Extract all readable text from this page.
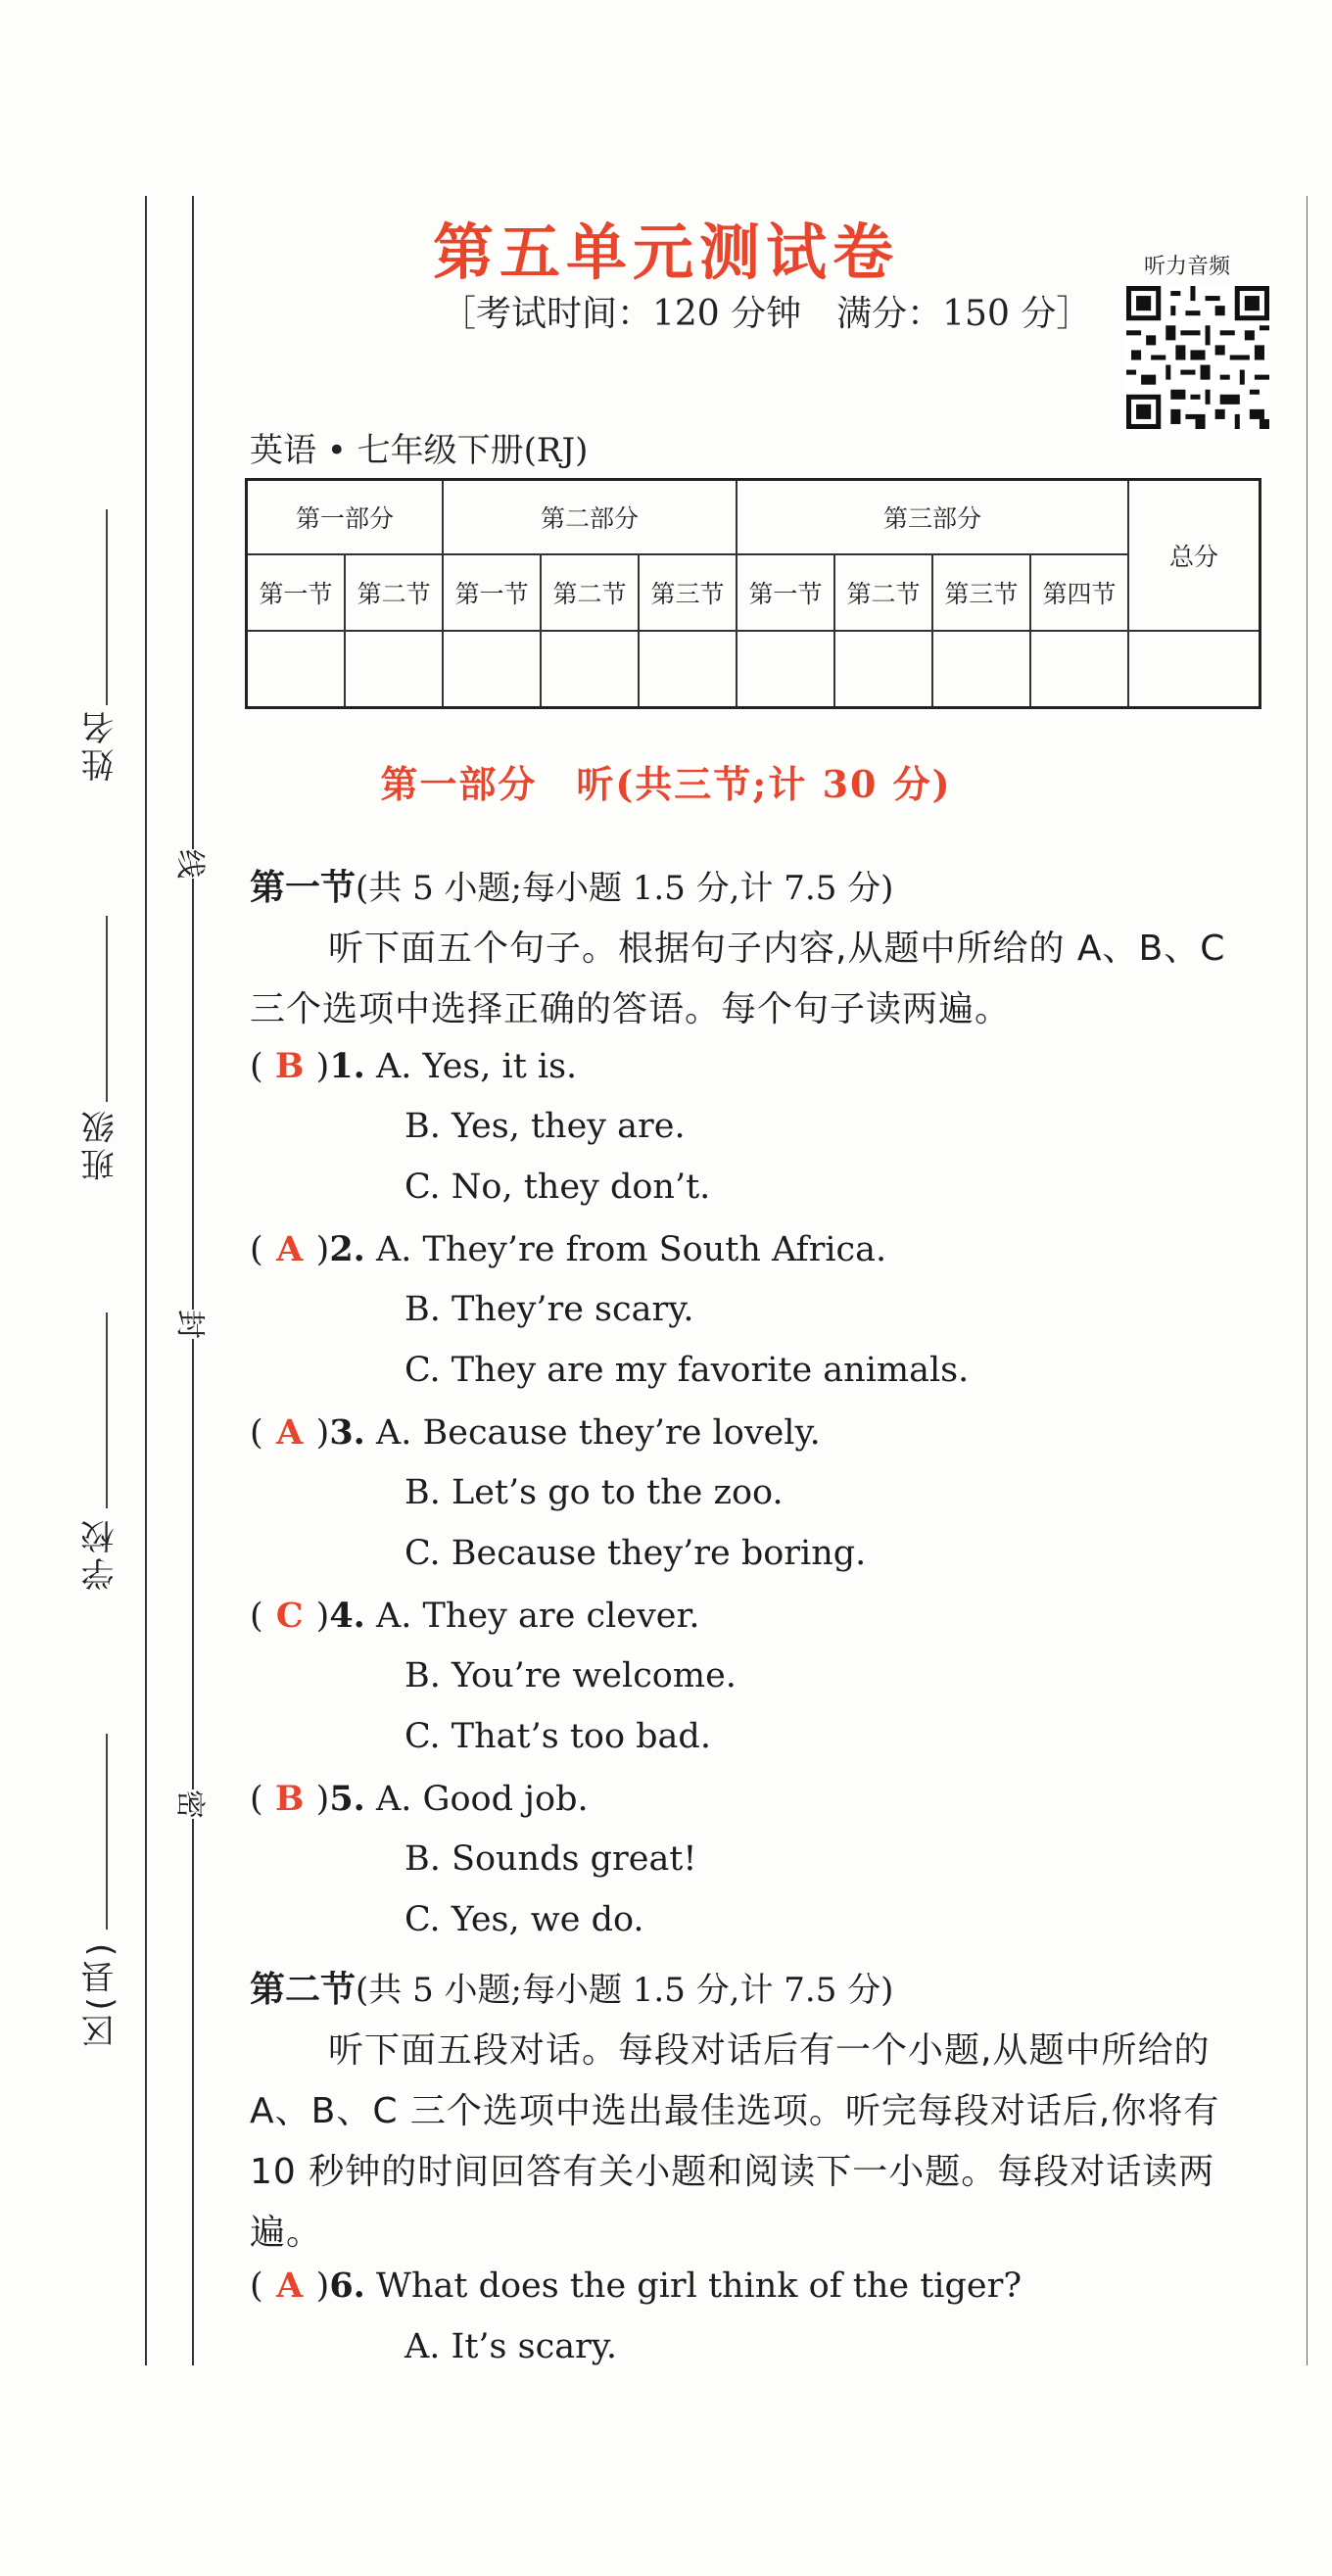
姓名
班级
学校
区(县)
线
封
密
第五单元测试卷
［考试时间：120 分钟　满分：150 分］
听力音频
英语 • 七年级下册(RJ)
第一部分		第二部分			第三部分				总分
第一节	第二节	第一节	第二节	第三节	第一节	第二节	第三节	第四节	

第一部分　听(共三节;计 30 分)
第一节(共 5 小题;每小题 1.5 分,计 7.5 分)
听下面五个句子。根据句子内容,从题中所给的 A、B、C 三个选项中选择正确的答语。每个句子读两遍。
( B )1. A. Yes, it is.
B. Yes, they are.
C. No, they don’t.
( A )2. A. They’re from South Africa.
B. They’re scary.
C. They are my favorite animals.
( A )3. A. Because they’re lovely.
B. Let’s go to the zoo.
C. Because they’re boring.
( C )4. A. They are clever.
B. You’re welcome.
C. That’s too bad.
( B )5. A. Good job.
B. Sounds great!
C. Yes, we do.
第二节(共 5 小题;每小题 1.5 分,计 7.5 分)
听下面五段对话。每段对话后有一个小题,从题中所给的 A、B、C 三个选项中选出最佳选项。听完每段对话后,你将有 10 秒钟的时间回答有关小题和阅读下一小题。每段对话读两遍。
( A )6. What does the girl think of the tiger?
A. It’s scary.
